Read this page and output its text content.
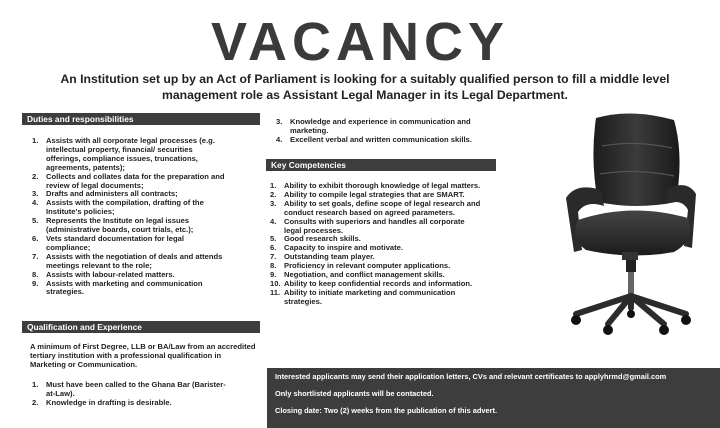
VACANCY
An Institution set up by an Act of Parliament is looking for a suitably qualified person to fill a middle level management role as Assistant Legal Manager in its Legal Department.
Duties and responsibilities
1. Assists with all corporate legal processes (e.g. intellectual property, financial/ securities offerings, compliance issues, truncations, agreements, patents);
2. Collects and collates data for the preparation and review of legal documents;
3. Drafts and administers all contracts;
4. Assists with the compilation, drafting of the Institute's policies;
5. Represents the Institute on legal issues (administrative boards, court trials, etc.);
6. Vets standard documentation for legal compliance;
7. Assists with the negotiation of deals and attends meetings relevant to the role;
8. Assists with labour-related matters.
9. Assists with marketing and communication strategies.
Qualification and Experience
A minimum of First Degree, LLB or BA/Law from an accredited tertiary institution with a professional qualification in Marketing or Communication.
1. Must have been called to the Ghana Bar (Barister-at-Law).
2. Knowledge in drafting is desirable.
3. Knowledge and experience in communication and marketing.
4. Excellent verbal and written communication skills.
Key Competencies
1. Ability to exhibit thorough knowledge of legal matters.
2. Ability to compile legal strategies that are SMART.
3. Ability to set goals, define scope of legal research and conduct research based on agreed parameters.
4. Consults with superiors and handles all corporate legal processes.
5. Good research skills.
6. Capacity to inspire and motivate.
7. Outstanding team player.
8. Proficiency in relevant computer applications.
9. Negotiation, and conflict management skills.
10. Ability to keep confidential records and information.
11. Ability to initiate marketing and communication strategies.

Interested applicants may send their application letters, CVs and relevant certificates to applyhrmd@gmail.com

Only shortlisted applicants will be contacted.

Closing date: Two (2) weeks from the publication of this advert.
